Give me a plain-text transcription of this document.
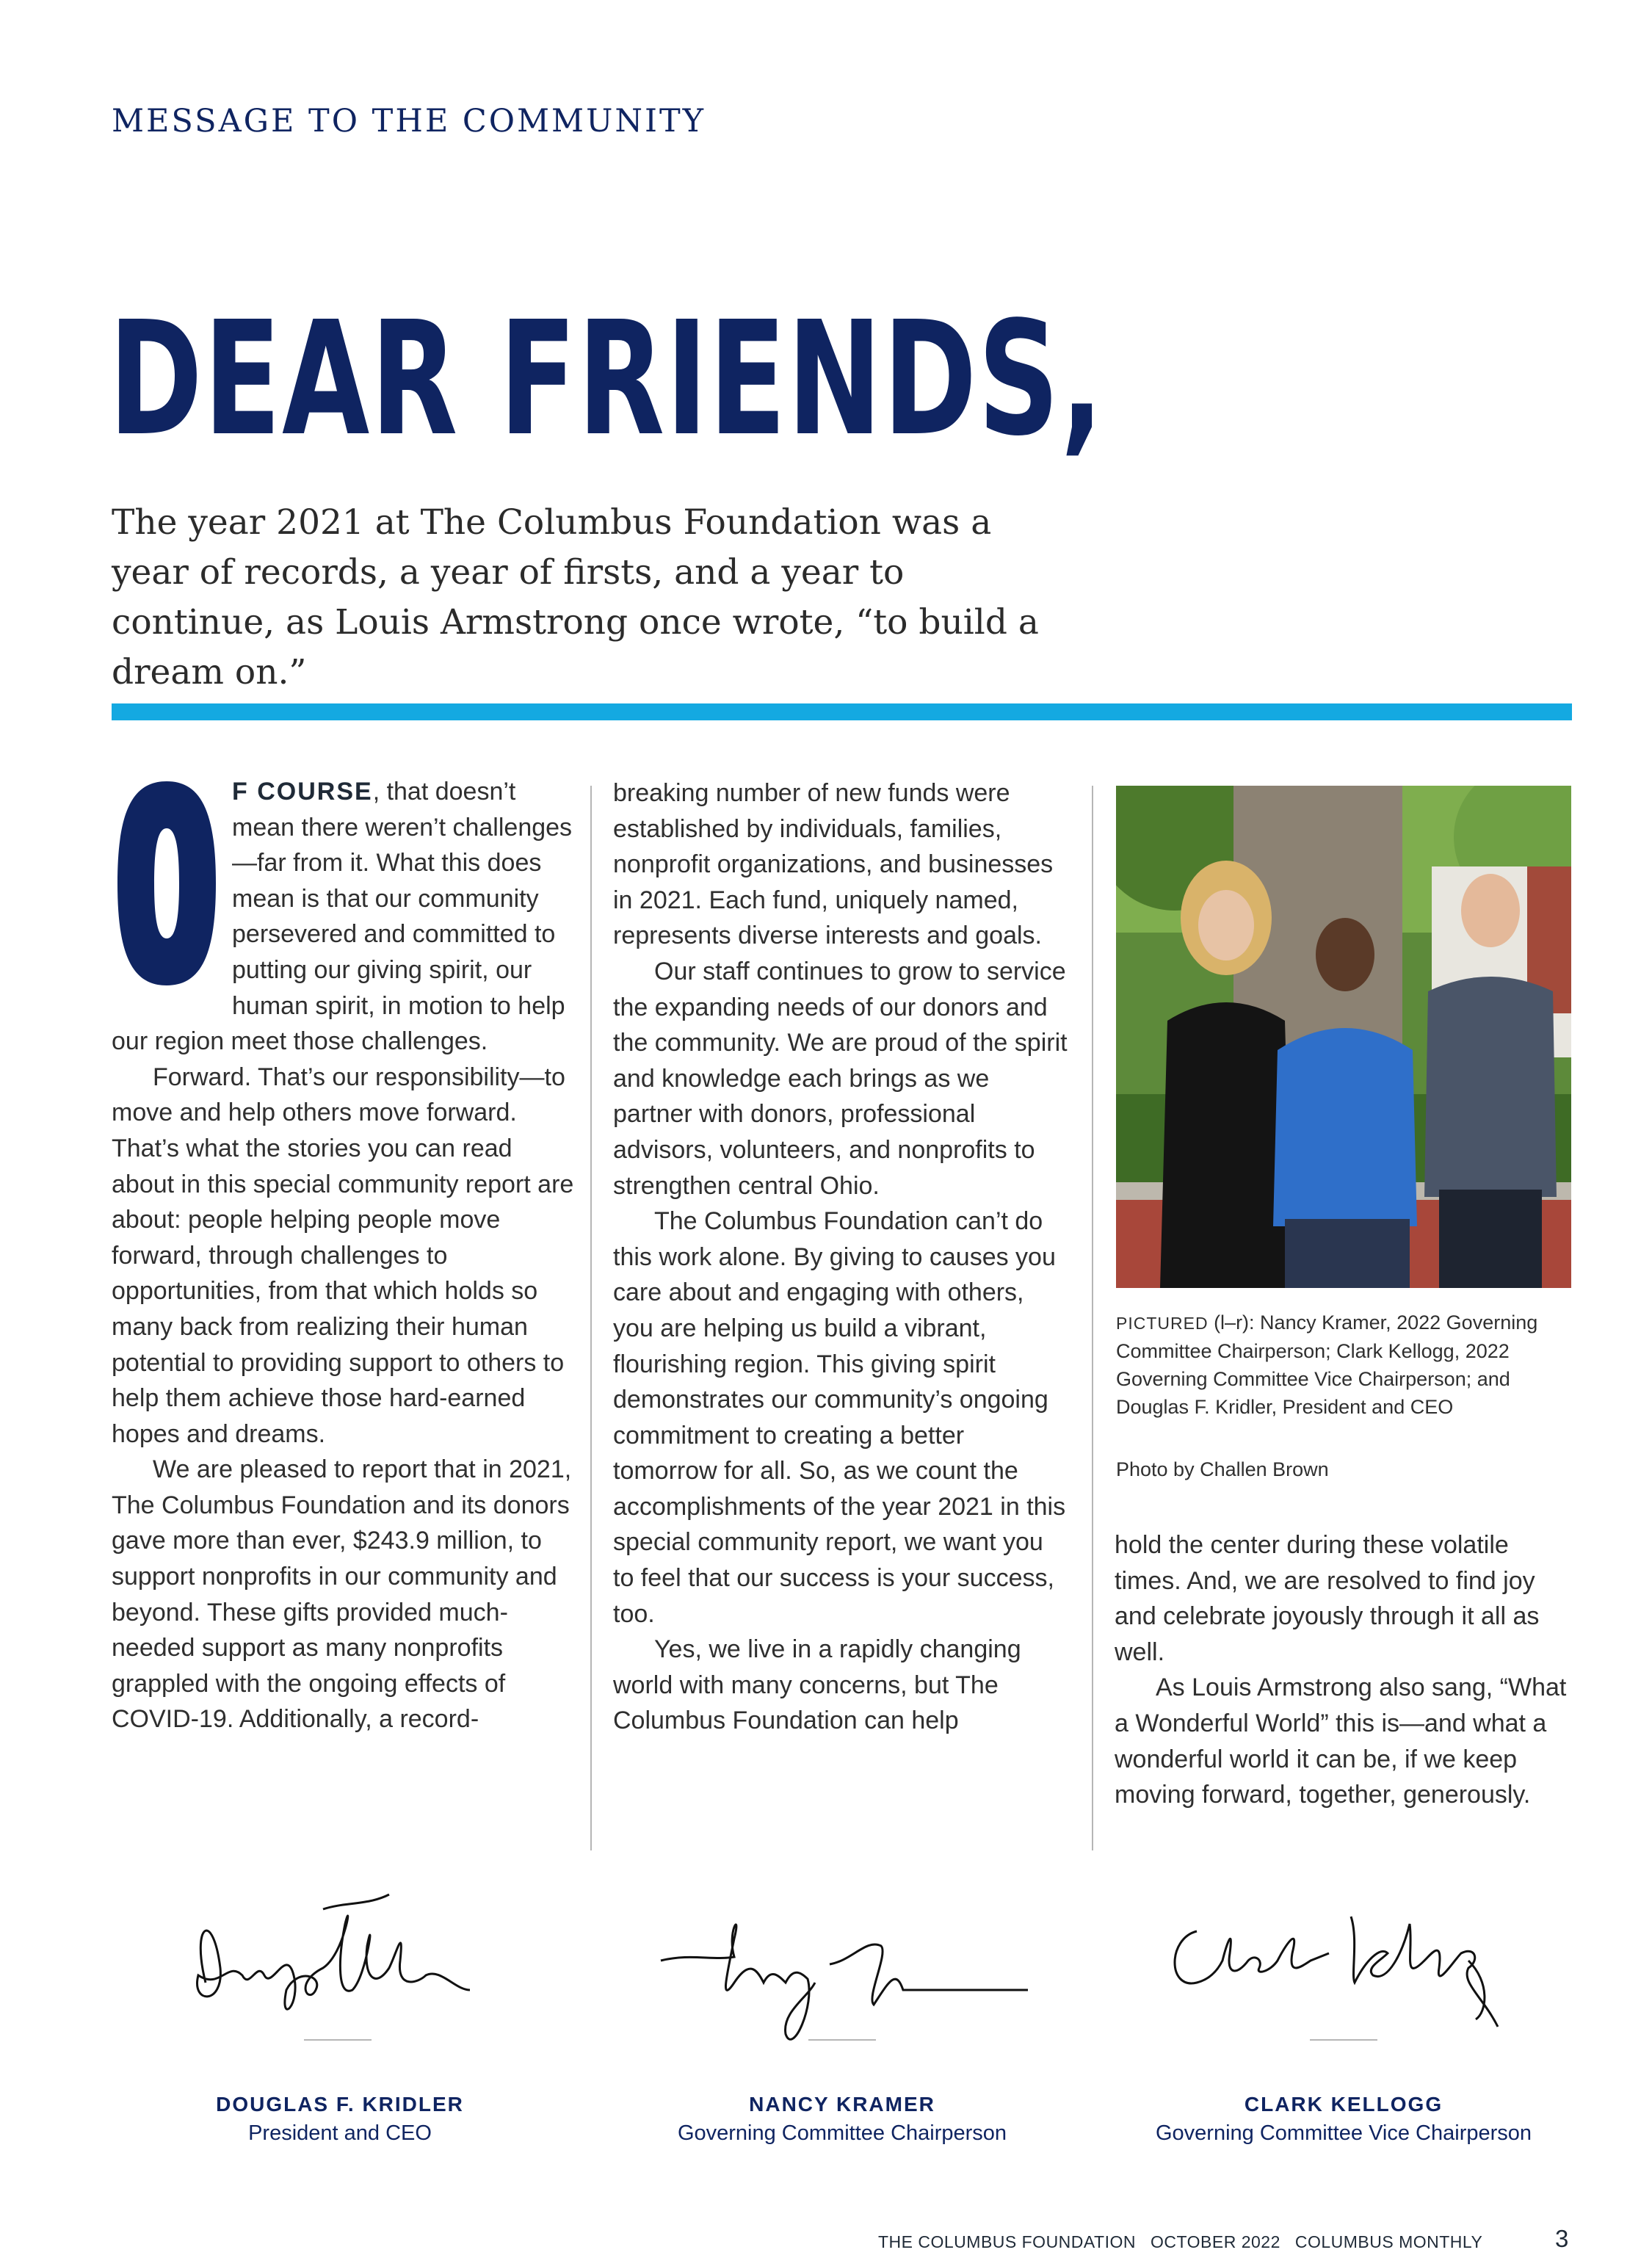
MESSAGE TO THE COMMUNITY
DEAR FRIENDS,
The year 2021 at The Columbus Foundation was a year of records, a year of firsts, and a year to continue, as Louis Armstrong once wrote, “to build a dream on.”

F COURSE, that doesn’t mean there weren’t challenges—far from it. What this does mean is that our community persevered and committed to putting our giving spirit, our human spirit, in motion to help our region meet those challenges.

Forward. That’s our responsibility—to move and help others move forward. That’s what the stories you can read about in this special community report are about: people helping people move forward, through challenges to opportunities, from that which holds so many back from realizing their human potential to providing support to others to help them achieve those hard-earned hopes and dreams.

We are pleased to report that in 2021, The Columbus Foundation and its donors gave more than ever, $243.9 million, to support nonprofits in our community and beyond. These gifts provided much-needed support as many nonprofits grappled with the ongoing effects of COVID-19. Additionally, a record-

breaking number of new funds were established by individuals, families, nonprofit organizations, and businesses in 2021. Each fund, uniquely named, represents diverse interests and goals.

Our staff continues to grow to service the expanding needs of our donors and the community. We are proud of the spirit and knowledge each brings as we partner with donors, professional advisors, volunteers, and nonprofits to strengthen central Ohio.

The Columbus Foundation can’t do this work alone. By giving to causes you care about and engaging with others, you are helping us build a vibrant, flourishing region. This giving spirit demonstrates our community’s ongoing commitment to creating a better tomorrow for all. So, as we count the accomplishments of the year 2021 in this special community report, we want you to feel that our success is your success, too.

Yes, we live in a rapidly changing world with many concerns, but The Columbus Foundation can help

PICTURED (l–r): Nancy Kramer, 2022 Governing Committee Chairperson; Clark Kellogg, 2022 Governing Committee Vice Chairperson; and Douglas F. Kridler, President and CEO
Photo by Challen Brown

hold the center during these volatile times. And, we are resolved to find joy and celebrate joyously through it all as well.

As Louis Armstrong also sang, “What a Wonderful World” this is—and what a wonderful world it can be, if we keep moving forward, together, generously.

DOUGLAS F. KRIDLER
President and CEO
NANCY KRAMER
Governing Committee Chairperson
CLARK KELLOGG
Governing Committee Vice Chairperson
THE COLUMBUS FOUNDATION OCTOBER 2022 COLUMBUS MONTHLY	3
